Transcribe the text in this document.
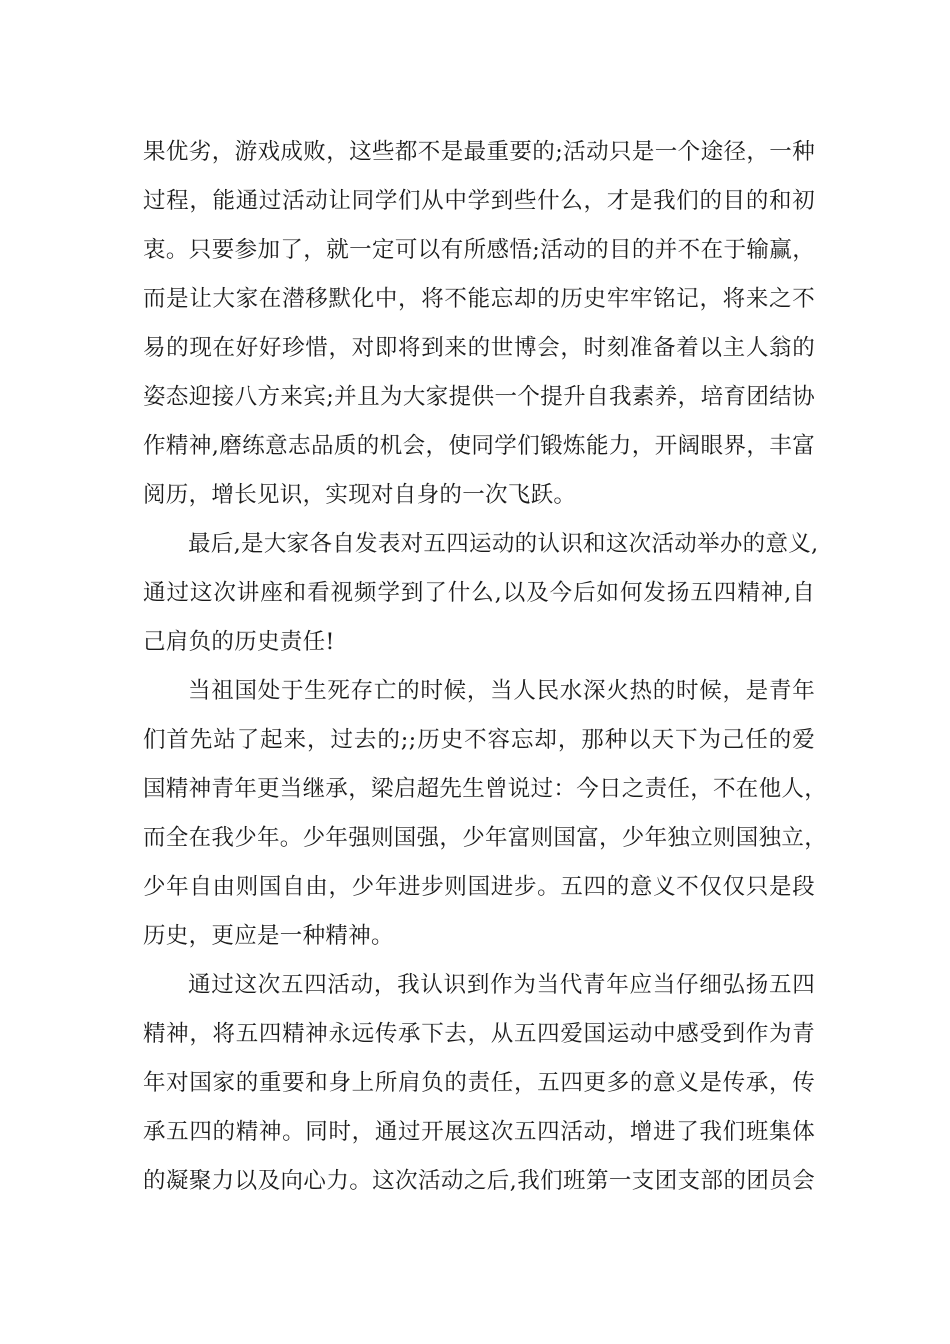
果优劣，游戏成败，这些都不是最重要的;活动只是一个途径，一种
过程，能通过活动让同学们从中学到些什么，才是我们的目的和初
衷。只要参加了，就一定可以有所感悟;活动的目的并不在于输赢，
而是让大家在潜移默化中，将不能忘却的历史牢牢铭记，将来之不
易的现在好好珍惜，对即将到来的世博会，时刻准备着以主人翁的
姿态迎接八方来宾;并且为大家提供一个提升自我素养，培育团结协
作精神,磨练意志品质的机会，使同学们锻炼能力，开阔眼界，丰富
阅历，增长见识，实现对自身的一次飞跃。
最后,是大家各自发表对五四运动的认识和这次活动举办的意义,
通过这次讲座和看视频学到了什么,以及今后如何发扬五四精神,自
己肩负的历史责任!
当祖国处于生死存亡的时候，当人民水深火热的时候，是青年
们首先站了起来，过去的;;历史不容忘却，那种以天下为己任的爱
国精神青年更当继承，梁启超先生曾说过：今日之责任，不在他人，
而全在我少年。少年强则国强，少年富则国富，少年独立则国独立，
少年自由则国自由，少年进步则国进步。五四的意义不仅仅只是段
历史，更应是一种精神。
通过这次五四活动，我认识到作为当代青年应当仔细弘扬五四
精神，将五四精神永远传承下去，从五四爱国运动中感受到作为青
年对国家的重要和身上所肩负的责任，五四更多的意义是传承，传
承五四的精神。同时，通过开展这次五四活动，增进了我们班集体
的凝聚力以及向心力。这次活动之后,我们班第一支团支部的团员会
